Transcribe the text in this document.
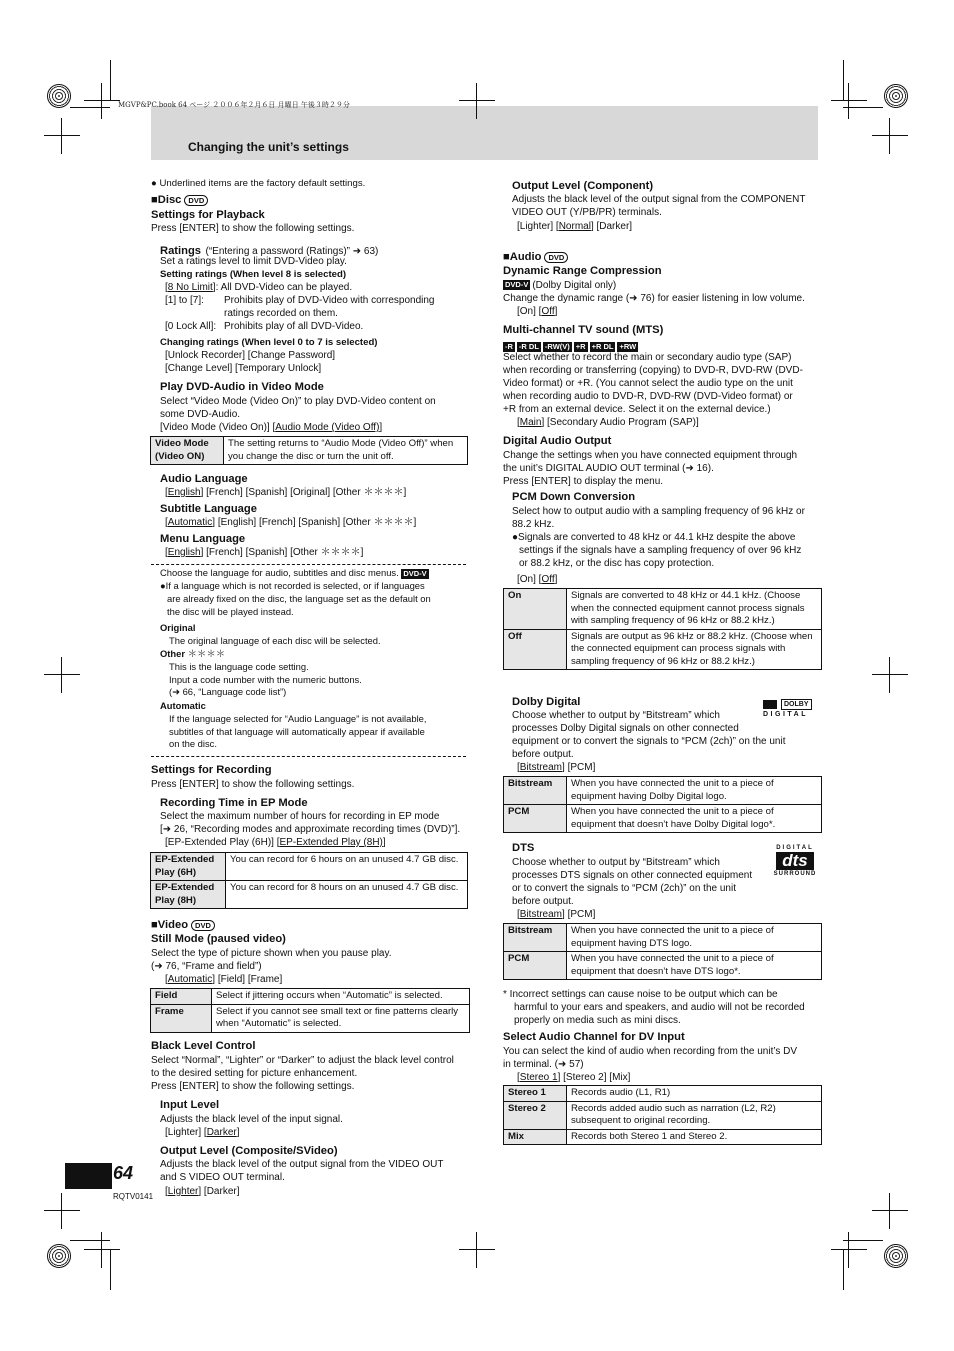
MGVP&PC.book 64 ページ ２００６年２月６日 月曜日 午後３時２９分
Changing the unit’s settings
64
RQTV0141
● Underlined items are the factory default settings.
■Disc DVD
Settings for Playback
Press [ENTER] to show the following settings.
Ratings (“Entering a password (Ratings)” ➜ 63)
Set a ratings level to limit DVD-Video play.
Setting ratings (When level 8 is selected)
[8 No Limit]: All DVD-Video can be played.
[1] to [7]: Prohibits play of DVD-Video with corresponding
ratings recorded on them.
[0 Lock All]: Prohibits play of all DVD-Video.
Changing ratings (When level 0 to 7 is selected)
[Unlock Recorder] [Change Password]
[Change Level] [Temporary Unlock]
Play DVD-Audio in Video Mode
Select “Video Mode (Video On)” to play DVD-Video content on
some DVD-Audio.
[Video Mode (Video On)] [Audio Mode (Video Off)]
Video Mode (Video ON)	The setting returns to “Audio Mode (Video Off)” when you change the disc or turn the unit off.
Audio Language
[English] [French] [Spanish] [Original] [Other ＊＊＊＊]
Subtitle Language
[Automatic] [English] [French] [Spanish] [Other ＊＊＊＊]
Menu Language
[English] [French] [Spanish] [Other ＊＊＊＊]
Choose the language for audio, subtitles and disc menus. DVD-V
●If a language which is not recorded is selected, or if languages
are already fixed on the disc, the language set as the default on
the disc will be played instead.
Original
The original language of each disc will be selected.
Other ＊＊＊＊
This is the language code setting.
Input a code number with the numeric buttons.
(➜ 66, “Language code list”)
Automatic
If the language selected for “Audio Language” is not available,
subtitles of that language will automatically appear if available
on the disc.
Settings for Recording
Press [ENTER] to show the following settings.
Recording Time in EP Mode
Select the maximum number of hours for recording in EP mode
[➜ 26, “Recording modes and approximate recording times (DVD)”].
[EP-Extended Play (6H)] [EP-Extended Play (8H)]
EP-Extended Play (6H)	You can record for 6 hours on an unused 4.7 GB disc.
EP-Extended Play (8H)	You can record for 8 hours on an unused 4.7 GB disc.
■Video DVD
Still Mode (paused video)
Select the type of picture shown when you pause play.
(➜ 76, “Frame and field”)
[Automatic] [Field] [Frame]
Field	Select if jittering occurs when “Automatic” is selected.
Frame	Select if you cannot see small text or fine patterns clearly when “Automatic” is selected.
Black Level Control
Select “Normal”, “Lighter” or “Darker” to adjust the black level control
to the desired setting for picture enhancement.
Press [ENTER] to show the following settings.
Input Level
Adjusts the black level of the input signal.
[Lighter] [Darker]
Output Level (Composite/SVideo)
Adjusts the black level of the output signal from the VIDEO OUT
and S VIDEO OUT terminal.
[Lighter] [Darker]
Output Level (Component)
Adjusts the black level of the output signal from the COMPONENT
VIDEO OUT (Y/PB/PR) terminals.
[Lighter] [Normal] [Darker]
■Audio DVD
Dynamic Range Compression
DVD-V (Dolby Digital only)
Change the dynamic range (➜ 76) for easier listening in low volume.
[On] [Off]
Multi-channel TV sound (MTS)
-R -R DL -RW(V) +R +R DL +RW
Select whether to record the main or secondary audio type (SAP)
when recording or transferring (copying) to DVD-R, DVD-RW (DVD-
Video format) or +R. (You cannot select the audio type on the unit
when recording audio to DVD-R, DVD-RW (DVD-Video format) or
+R from an external device. Select it on the external device.)
[Main] [Secondary Audio Program (SAP)]
Digital Audio Output
Change the settings when you have connected equipment through
the unit’s DIGITAL AUDIO OUT terminal (➜ 16).
Press [ENTER] to display the menu.
PCM Down Conversion
Select how to output audio with a sampling frequency of 96 kHz or
88.2 kHz.
●Signals are converted to 48 kHz or 44.1 kHz despite the above
settings if the signals have a sampling frequency of over 96 kHz
or 88.2 kHz, or the disc has copy protection.
[On] [Off]
On	Signals are converted to 48 kHz or 44.1 kHz. (Choose when the connected equipment cannot process signals with sampling frequency of 96 kHz or 88.2 kHz.)
Off	Signals are output as 96 kHz or 88.2 kHz. (Choose when the connected equipment can process signals with sampling frequency of 96 kHz or 88.2 kHz.)
Dolby Digital
Choose whether to output by “Bitstream” which
processes Dolby Digital signals on other connected
equipment or to convert the signals to “PCM (2ch)” on the unit
before output.
[Bitstream] [PCM]
DOLBY
DIGITAL
Bitstream	When you have connected the unit to a piece of equipment having Dolby Digital logo.
PCM	When you have connected the unit to a piece of equipment that doesn’t have Dolby Digital logo*.
DTS
Choose whether to output by “Bitstream” which
processes DTS signals on other connected equipment
or to convert the signals to “PCM (2ch)” on the unit
before output.
[Bitstream] [PCM]
DIGITAL
dts
SURROUND
Bitstream	When you have connected the unit to a piece of equipment having DTS logo.
PCM	When you have connected the unit to a piece of equipment that doesn’t have DTS logo*.
* Incorrect settings can cause noise to be output which can be
harmful to your ears and speakers, and audio will not be recorded
properly on media such as mini discs.
Select Audio Channel for DV Input
You can select the kind of audio when recording from the unit’s DV
in terminal. (➜ 57)
[Stereo 1] [Stereo 2] [Mix]
Stereo 1	Records audio (L1, R1)
Stereo 2	Records added audio such as narration (L2, R2) subsequent to original recording.
Mix	Records both Stereo 1 and Stereo 2.
